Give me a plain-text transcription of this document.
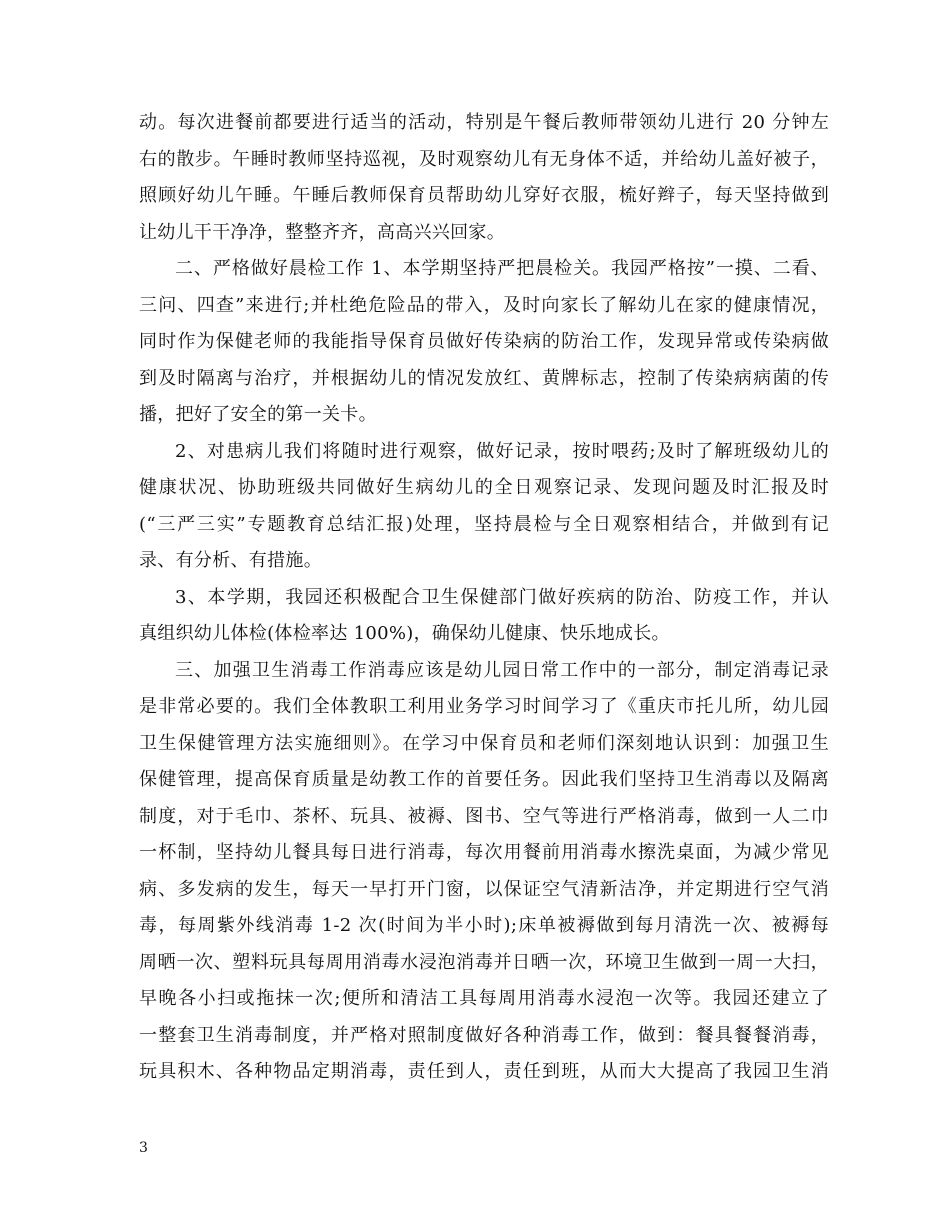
动。每次进餐前都要进行适当的活动，特别是午餐后教师带领幼儿进行 20 分钟左
右的散步。午睡时教师坚持巡视，及时观察幼儿有无身体不适，并给幼儿盖好被子，
照顾好幼儿午睡。午睡后教师保育员帮助幼儿穿好衣服，梳好辫子，每天坚持做到
让幼儿干干净净，整整齐齐，高高兴兴回家。
二、严格做好晨检工作 1、本学期坚持严把晨检关。我园严格按”一摸、二看、
三问、四查”来进行;并杜绝危险品的带入，及时向家长了解幼儿在家的健康情况，
同时作为保健老师的我能指导保育员做好传染病的防治工作，发现异常或传染病做
到及时隔离与治疗，并根据幼儿的情况发放红、黄牌标志，控制了传染病病菌的传
播，把好了安全的第一关卡。
2、对患病儿我们将随时进行观察，做好记录，按时喂药;及时了解班级幼儿的
健康状况、协助班级共同做好生病幼儿的全日观察记录、发现问题及时汇报及时
(“三严三实”专题教育总结汇报)处理，坚持晨检与全日观察相结合，并做到有记
录、有分析、有措施。
3、本学期，我园还积极配合卫生保健部门做好疾病的防治、防疫工作，并认
真组织幼儿体检(体检率达 100%)，确保幼儿健康、快乐地成长。
三、加强卫生消毒工作消毒应该是幼儿园日常工作中的一部分，制定消毒记录
是非常必要的。我们全体教职工利用业务学习时间学习了《重庆市托儿所，幼儿园
卫生保健管理方法实施细则》。在学习中保育员和老师们深刻地认识到：加强卫生
保健管理，提高保育质量是幼教工作的首要任务。因此我们坚持卫生消毒以及隔离
制度，对于毛巾、茶杯、玩具、被褥、图书、空气等进行严格消毒，做到一人二巾
一杯制，坚持幼儿餐具每日进行消毒，每次用餐前用消毒水擦洗桌面，为减少常见
病、多发病的发生，每天一早打开门窗，以保证空气清新洁净，并定期进行空气消
毒，每周紫外线消毒 1-2 次(时间为半小时);床单被褥做到每月清洗一次、被褥每
周晒一次、塑料玩具每周用消毒水浸泡消毒并日晒一次，环境卫生做到一周一大扫，
早晚各小扫或拖抹一次;便所和清洁工具每周用消毒水浸泡一次等。我园还建立了
一整套卫生消毒制度，并严格对照制度做好各种消毒工作，做到：餐具餐餐消毒，
玩具积木、各种物品定期消毒，责任到人，责任到班，从而大大提高了我园卫生消
3
